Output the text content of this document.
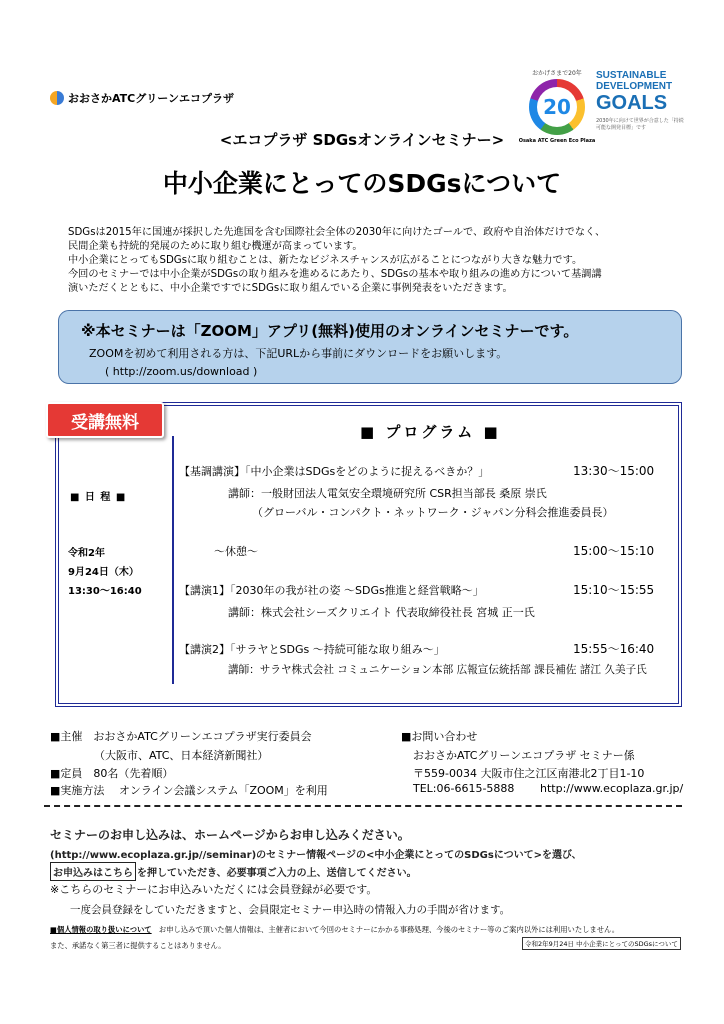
おおさかATCグリーンエコプラザ
おかげさまで20年
20
Osaka ATC Green Eco Plaza
SUSTAINABLE
DEVELOPMENT
GOALS
2030年に向けて世界が合意した「持続可能な開発目標」です
<エコプラザ SDGsオンラインセミナー>
中小企業にとってのSDGsについて

SDGsは2015年に国連が採択した先進国を含む国際社会全体の2030年に向けたゴールで、政府や自治体だけでなく、

民間企業も持続的発展のために取り組む機運が高まっています。

中小企業にとってもSDGsに取り組むことは、新たなビジネスチャンスが広がることにつながり大きな魅力です。

今回のセミナーでは中小企業がSDGsの取り組みを進めるにあたり、SDGsの基本や取り組みの進め方について基調講

演いただくとともに、中小企業ですでにSDGsに取り組んでいる企業に事例発表をいただきます。

※本セミナーは「ZOOM」アプリ(無料)使用のオンラインセミナーです。
ZOOMを初めて利用される方は、下記URLから事前にダウンロードをお願いします。
( http://zoom.us/download )
受講無料	■ プログラム ■
■ 日 程 ■
令和2年
9月24日（木）
13:30～16:40
【基調講演】「中小企業はSDGsをどのように捉えるべきか？」	13:30～15:00
講師：一般財団法人電気安全環境研究所 CSR担当部長 桑原 崇氏
（グローバル・コンパクト・ネットワーク・ジャパン分科会推進委員長）
～休憩～	15:00～15:10
【講演1】「2030年の我が社の姿 ～SDGs推進と経営戦略～」	15:10～15:55
講師：株式会社シーズクリエイト 代表取締役社長 宮城 正一氏
【講演2】「サラヤとSDGs ～持続可能な取り組み～」	15:55～16:40
講師：サラヤ株式会社 コミュニケーション本部 広報宣伝統括部 課長補佐 諸江 久美子氏
■主催　おおさかATCグリーンエコプラザ実行委員会
（大阪市、ATC、日本経済新聞社）
■定員　80名（先着順）
■実施方法　 オンライン会議システム「ZOOM」を利用
■お問い合わせ
おおさかATCグリーンエコプラザ セミナー係
〒559-0034 大阪市住之江区南港北2丁目1-10
TEL:06-6615-5888 http://www.ecoplaza.gr.jp/
セミナーのお申し込みは、ホームページからお申し込みください。
(http://www.ecoplaza.gr.jp//seminar)のセミナー情報ページの<中小企業にとってのSDGsについて>を選び、
お申込みはこちら を押していただき、必要事項ご入力の上、送信してください。
※こちらのセミナーにお申込みいただくには会員登録が必要です。
一度会員登録をしていただきますと、会員限定セミナー申込時の情報入力の手間が省けます。
■個人情報の取り扱いについて　お申し込みで頂いた個人情報は、主催者において今回のセミナーにかかる事務処理、今後のセミナー等のご案内以外には利用いたしません。
また、承諾なく第三者に提供することはありません。	令和2年9月24日 中小企業にとってのSDGsについて
